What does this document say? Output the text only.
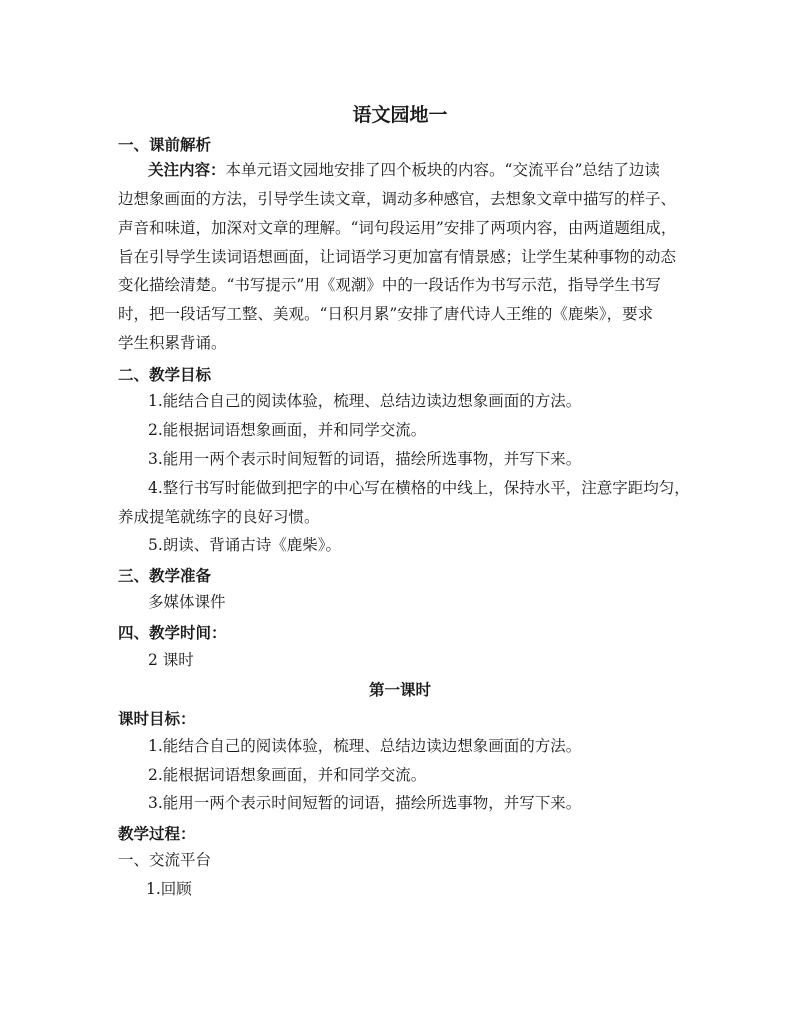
语文园地一
一、课前解析
关注内容：本单元语文园地安排了四个板块的内容。“交流平台”总结了边读
边想象画面的方法，引导学生读文章，调动多种感官，去想象文章中描写的样子、
声音和味道，加深对文章的理解。“词句段运用”安排了两项内容，由两道题组成，
旨在引导学生读词语想画面，让词语学习更加富有情景感；让学生某种事物的动态
变化描绘清楚。“书写提示”用《观潮》中的一段话作为书写示范，指导学生书写
时，把一段话写工整、美观。“日积月累”安排了唐代诗人王维的《鹿柴》，要求
学生积累背诵。
二、教学目标
1.能结合自己的阅读体验，梳理、总结边读边想象画面的方法。
2.能根据词语想象画面，并和同学交流。
3.能用一两个表示时间短暂的词语，描绘所选事物，并写下来。
4.整行书写时能做到把字的中心写在横格的中线上，保持水平，注意字距均匀，
养成提笔就练字的良好习惯。
5.朗读、背诵古诗《鹿柴》。
三、教学准备
多媒体课件
四、教学时间：
2 课时
第一课时
课时目标：
1.能结合自己的阅读体验，梳理、总结边读边想象画面的方法。
2.能根据词语想象画面，并和同学交流。
3.能用一两个表示时间短暂的词语，描绘所选事物，并写下来。
教学过程：
一、交流平台
1.回顾
